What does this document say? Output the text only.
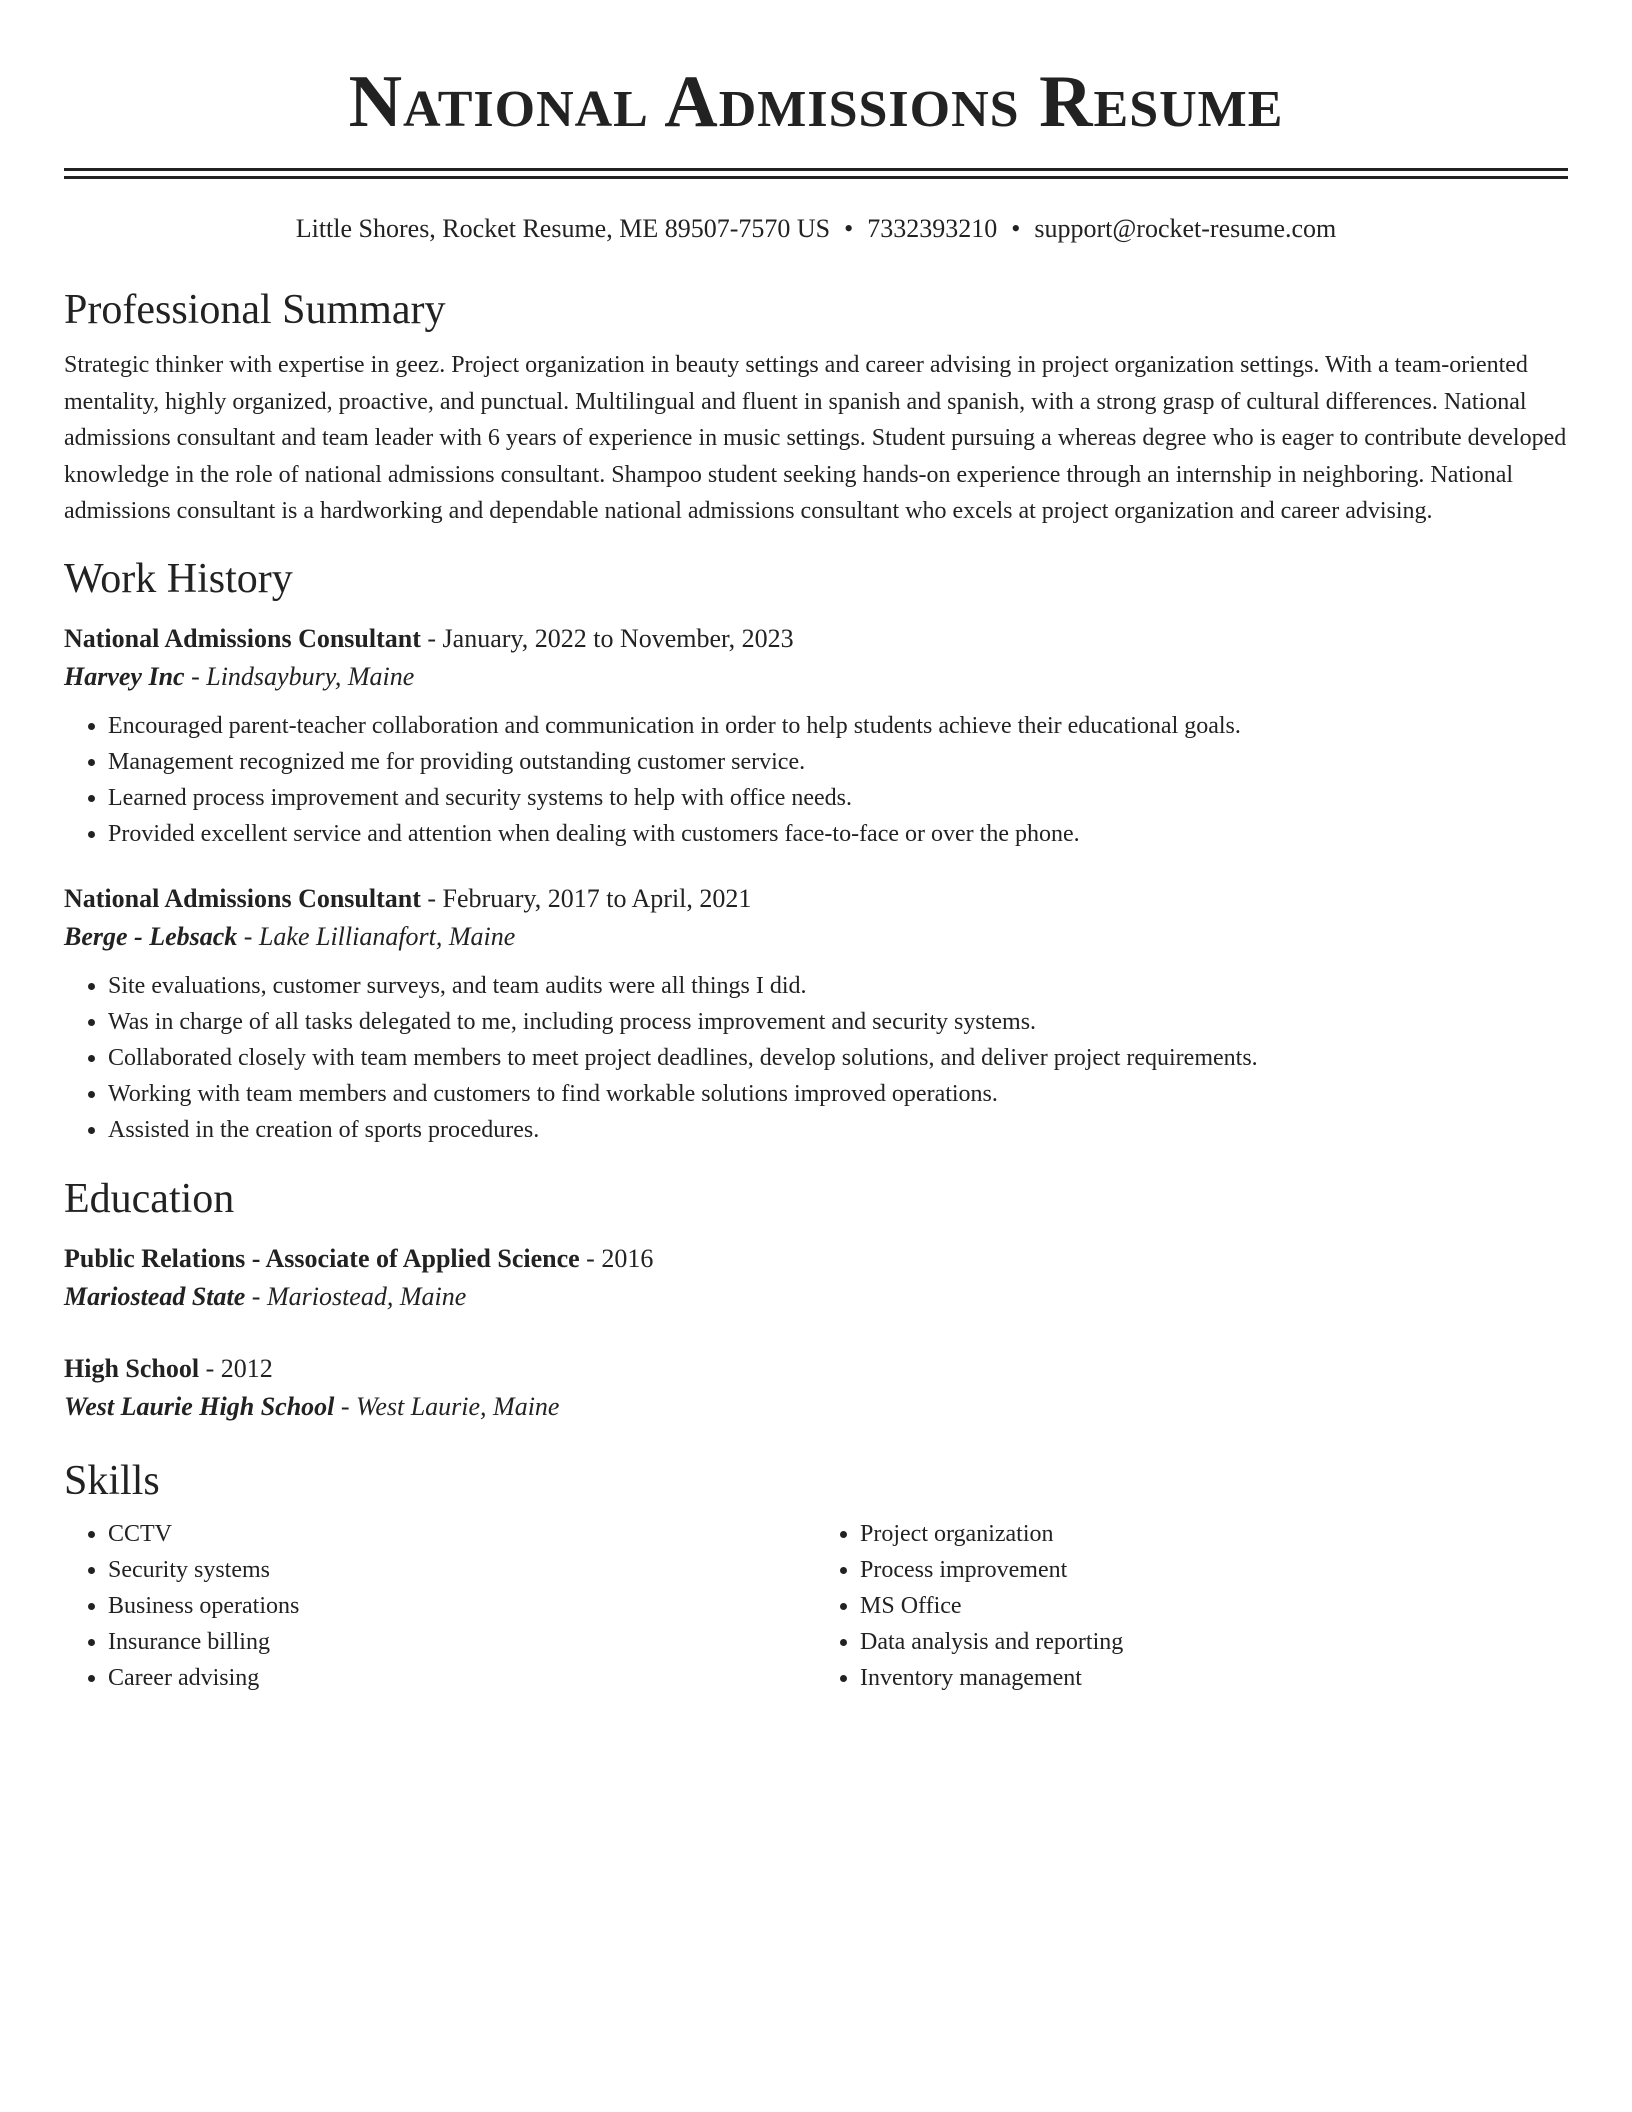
National Admissions Resume
Little Shores, Rocket Resume, ME 89507-7570 US • 7332393210 • support@rocket-resume.com
Professional Summary

Strategic thinker with expertise in geez. Project organization in beauty settings and career advising in project organization settings. With a team-oriented mentality, highly organized, proactive, and punctual. Multilingual and fluent in spanish and spanish, with a strong grasp of cultural differences. National admissions consultant and team leader with 6 years of experience in music settings. Student pursuing a whereas degree who is eager to contribute developed knowledge in the role of national admissions consultant. Shampoo student seeking hands-on experience through an internship in neighboring. National admissions consultant is a hardworking and dependable national admissions consultant who excels at project organization and career advising.

Work History
National Admissions Consultant - January, 2022 to November, 2023
Harvey Inc - Lindsaybury, Maine
• Encouraged parent-teacher collaboration and communication in order to help students achieve their educational goals.
• Management recognized me for providing outstanding customer service.
• Learned process improvement and security systems to help with office needs.
• Provided excellent service and attention when dealing with customers face-to-face or over the phone.
National Admissions Consultant - February, 2017 to April, 2021
Berge - Lebsack - Lake Lillianafort, Maine
• Site evaluations, customer surveys, and team audits were all things I did.
• Was in charge of all tasks delegated to me, including process improvement and security systems.
• Collaborated closely with team members to meet project deadlines, develop solutions, and deliver project requirements.
• Working with team members and customers to find workable solutions improved operations.
• Assisted in the creation of sports procedures.
Education
Public Relations - Associate of Applied Science - 2016
Mariostead State - Mariostead, Maine
High School - 2012
West Laurie High School - West Laurie, Maine
Skills
• CCTV
• Security systems
• Business operations
• Insurance billing
• Career advising
• Project organization
• Process improvement
• MS Office
• Data analysis and reporting
• Inventory management
